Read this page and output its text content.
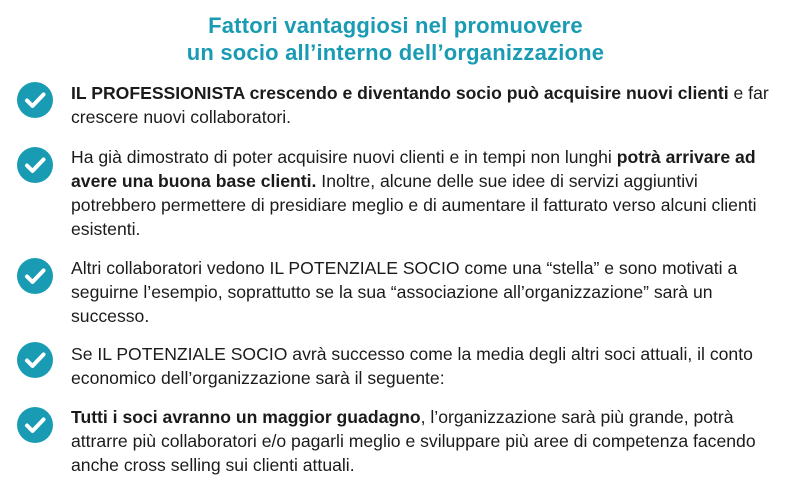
Fattori vantaggiosi nel promuovere
un socio all’interno dell’organizzazione

IL PROFESSIONISTA crescendo e diventando socio può acquisire nuovi clienti e far crescere nuovi collaboratori.

Ha già dimostrato di poter acquisire nuovi clienti e in tempi non lunghi potrà arrivare ad avere una buona base clienti. Inoltre, alcune delle sue idee di servizi aggiuntivi potrebbero permettere di presidiare meglio e di aumentare il fatturato verso alcuni clienti esistenti.

Altri collaboratori vedono IL POTENZIALE SOCIO come una “stella” e sono motivati a seguirne l’esempio, soprattutto se la sua “associazione all’organizzazione” sarà un successo.

Se IL POTENZIALE SOCIO avrà successo come la media degli altri soci attuali, il conto economico dell’organizzazione sarà il seguente:

Tutti i soci avranno un maggior guadagno, l’organizzazione sarà più grande, potrà attrarre più collaboratori e/o pagarli meglio e sviluppare più aree di competenza facendo anche cross selling sui clienti attuali.
